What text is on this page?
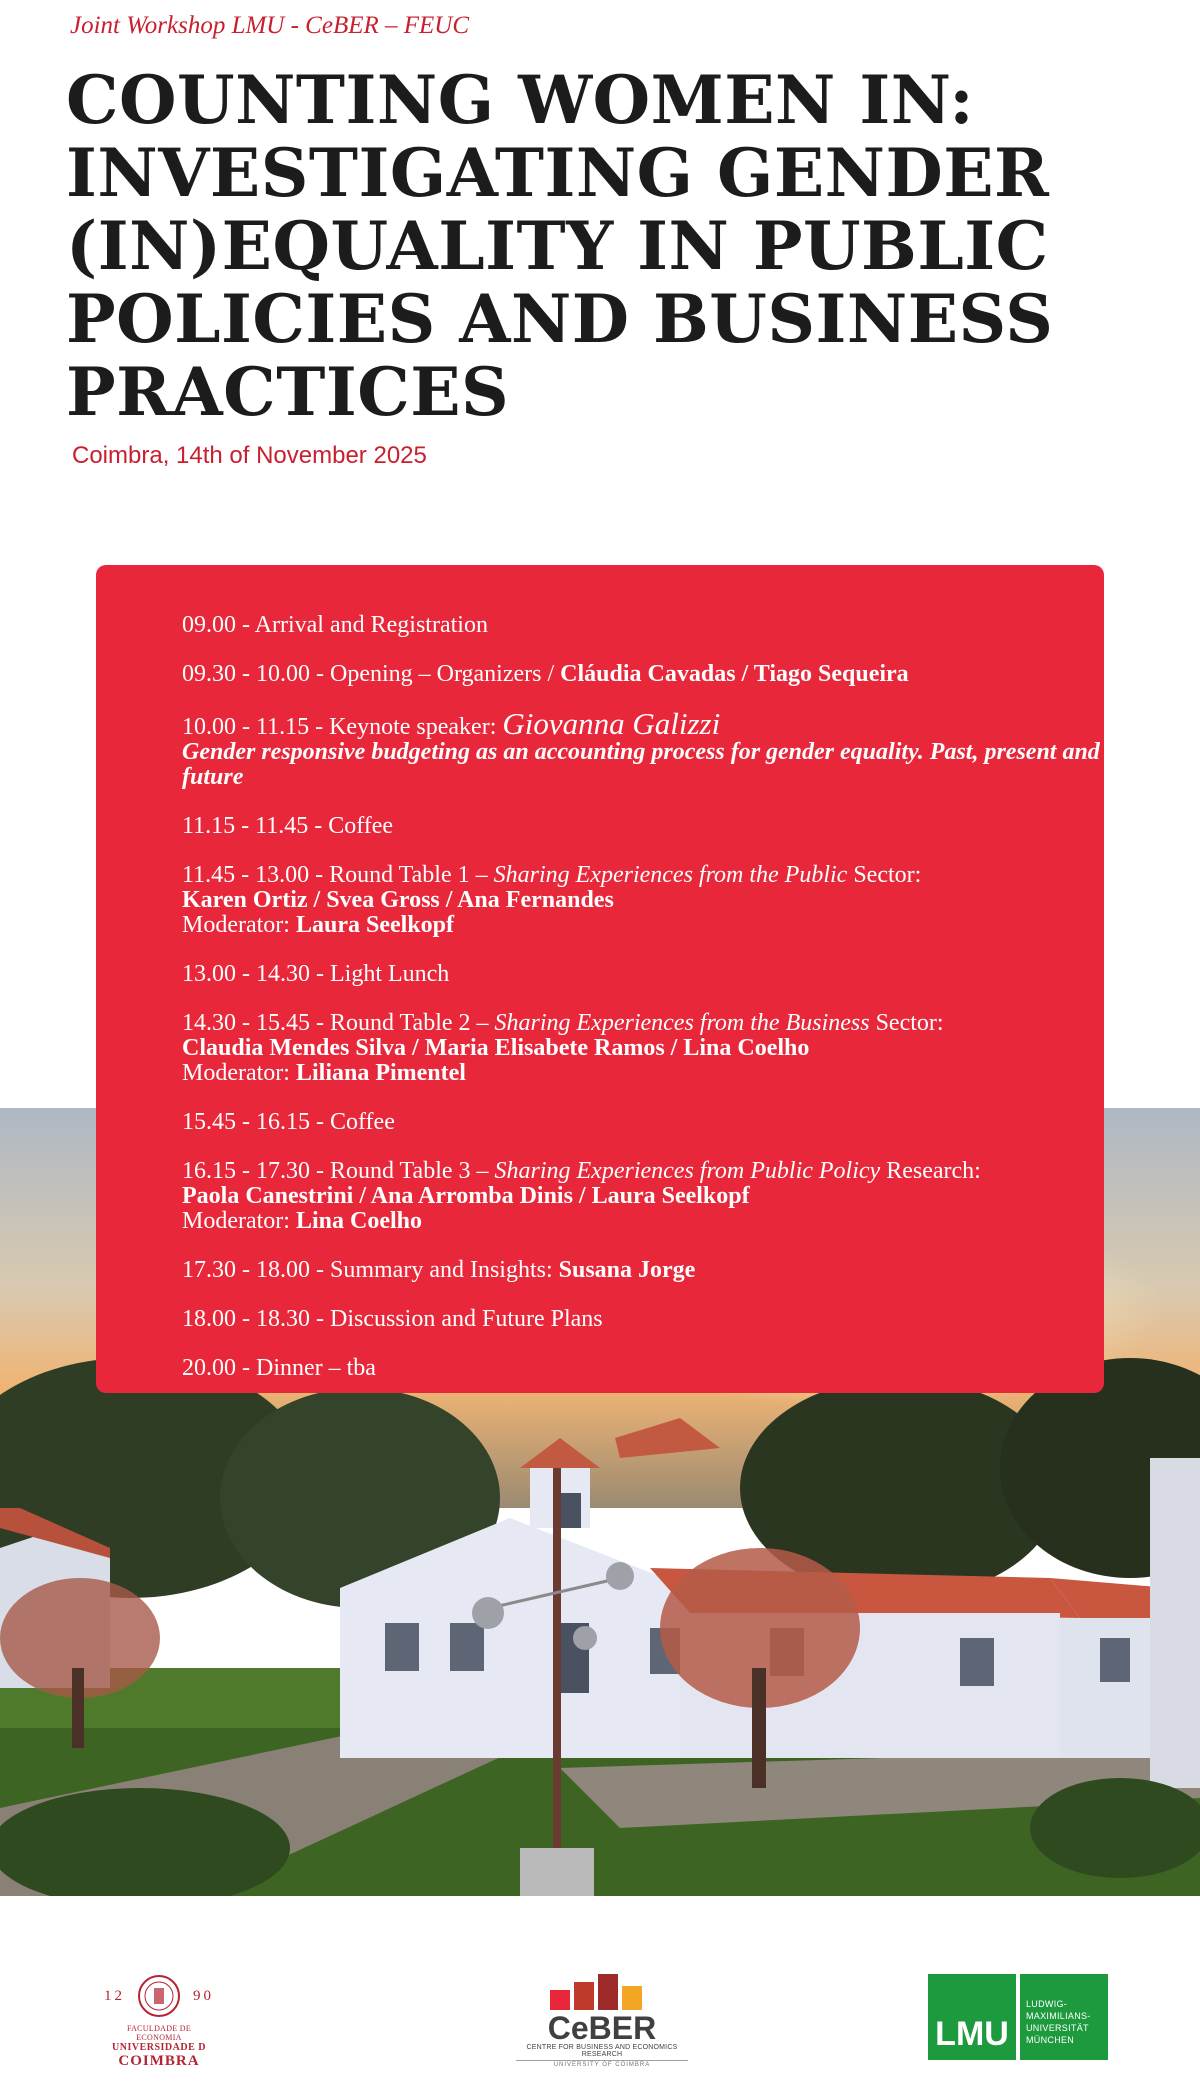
Joint Workshop LMU - CeBER – FEUC
COUNTING WOMEN IN:
INVESTIGATING GENDER
(IN)EQUALITY IN PUBLIC
POLICIES AND BUSINESS
PRACTICES
Coimbra, 14th of November 2025
09.00 - Arrival and Registration
09.30 - 10.00 - Opening – Organizers / Cláudia Cavadas / Tiago Sequeira
10.00 - 11.15 - Keynote speaker: Giovanna Galizzi
Gender responsive budgeting as an accounting process for gender equality. Past, present and future
11.15 - 11.45 - Coffee
11.45 - 13.00 - Round Table 1 – Sharing Experiences from the Public Sector:
Karen Ortiz / Svea Gross / Ana Fernandes
Moderator: Laura Seelkopf
13.00 - 14.30 - Light Lunch
14.30 - 15.45 - Round Table 2 – Sharing Experiences from the Business Sector:
Claudia Mendes Silva / Maria Elisabete Ramos / Lina Coelho
Moderator: Liliana Pimentel
15.45 - 16.15 - Coffee
16.15 - 17.30 - Round Table 3 – Sharing Experiences from Public Policy Research:
Paola Canestrini / Ana Arromba Dinis / Laura Seelkopf
Moderator: Lina Coelho
17.30 - 18.00 - Summary and Insights: Susana Jorge
18.00 - 18.30 - Discussion and Future Plans
20.00 - Dinner – tba
12	90
FACULDADE DE ECONOMIA
UNIVERSIDADE D
COIMBRA
CeBER
CENTRE FOR BUSINESS AND ECONOMICS RESEARCH
UNIVERSITY OF COIMBRA
LMU
LUDWIG-
MAXIMILIANS-
UNIVERSITÄT
MÜNCHEN
